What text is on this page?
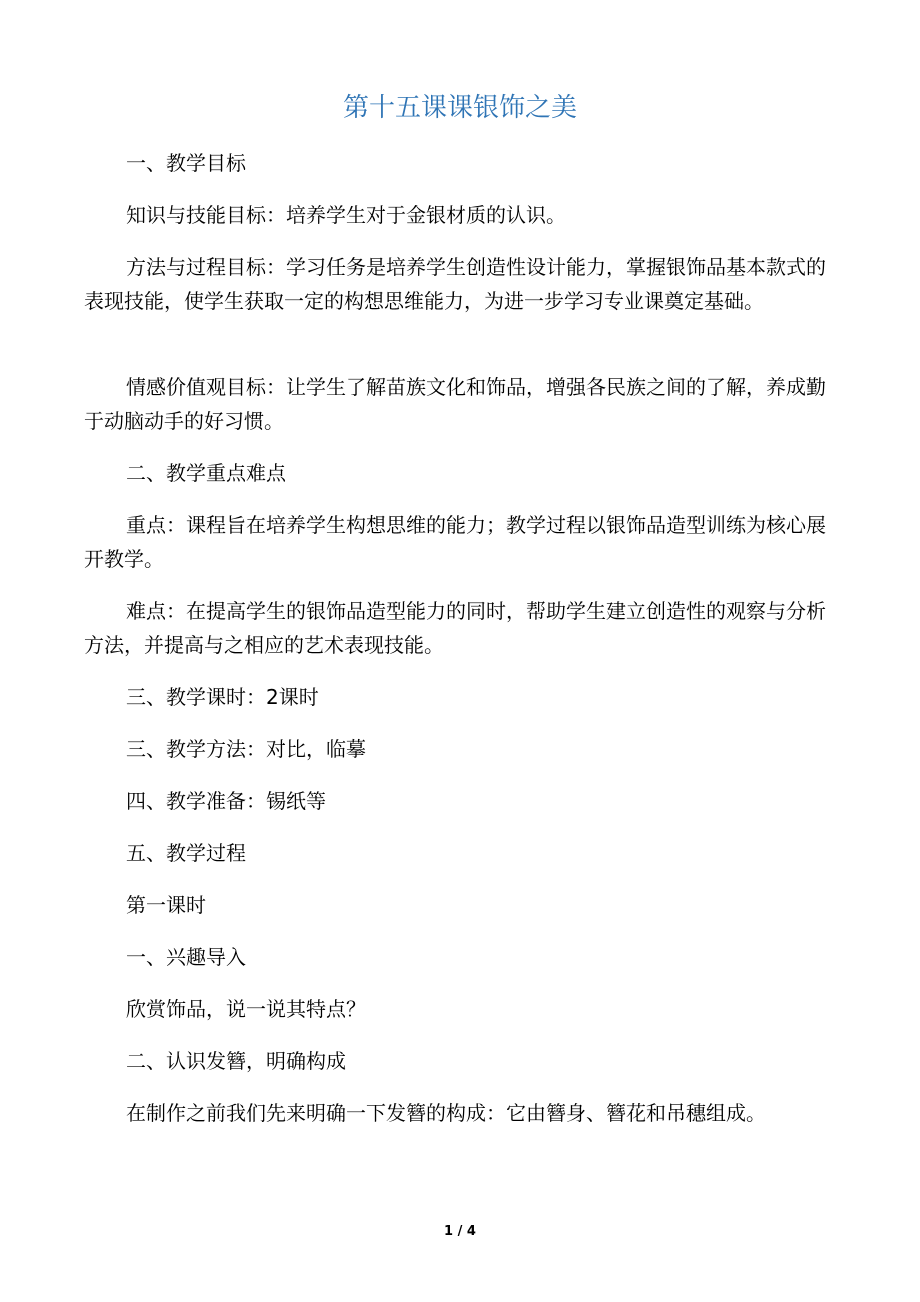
第十五课课银饰之美

一、教学目标

知识与技能目标：培养学生对于金银材质的认识。

方法与过程目标：学习任务是培养学生创造性设计能力，掌握银饰品基本款式的表现技能，使学生获取一定的构想思维能力，为进一步学习专业课奠定基础。

情感价值观目标：让学生了解苗族文化和饰品，增强各民族之间的了解，养成勤于动脑动手的好习惯。

二、教学重点难点

重点：课程旨在培养学生构想思维的能力；教学过程以银饰品造型训练为核心展开教学。

难点：在提高学生的银饰品造型能力的同时，帮助学生建立创造性的观察与分析方法，并提高与之相应的艺术表现技能。

三、教学课时：2课时

三、教学方法：对比，临摹

四、教学准备：锡纸等

五、教学过程

第一课时

一、兴趣导入

欣赏饰品，说一说其特点？

二、认识发簪，明确构成

在制作之前我们先来明确一下发簪的构成：它由簪身、簪花和吊穗组成。

1 / 4
